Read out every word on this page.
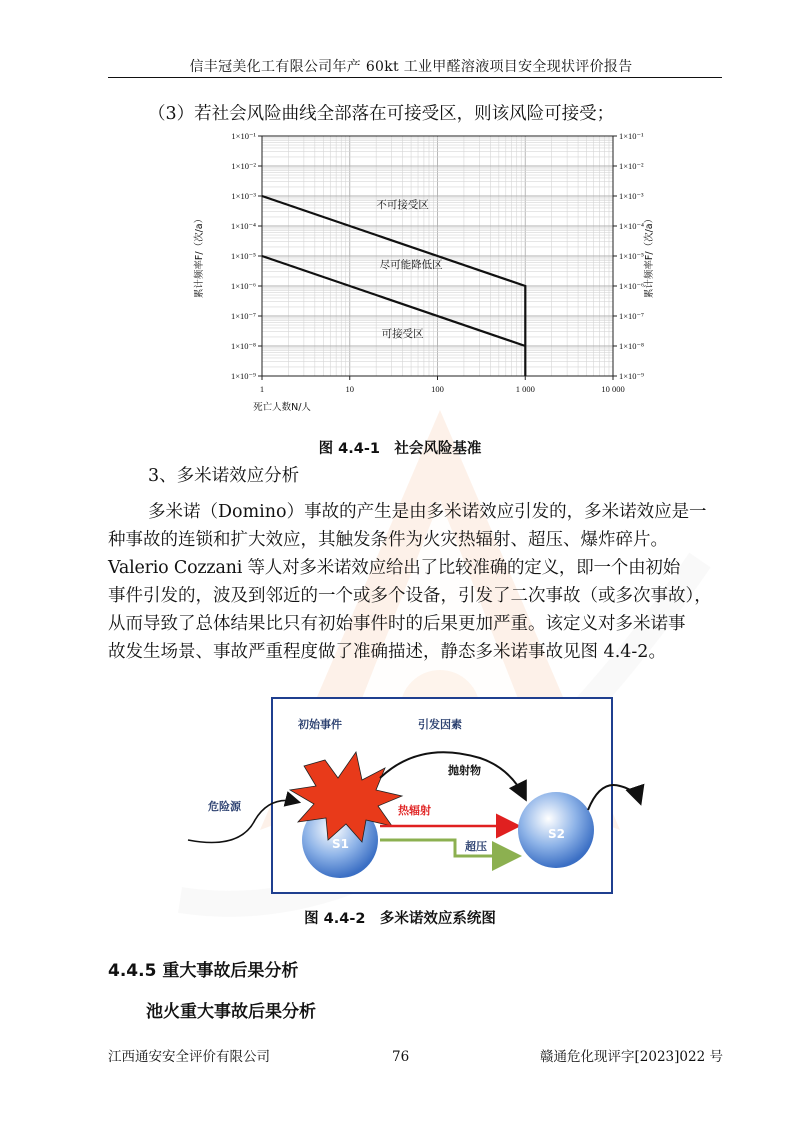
信丰冠美化工有限公司年产 60kt 工业甲醛溶液项目安全现状评价报告
（3）若社会风险曲线全部落在可接受区，则该风险可接受；
1	10	100	1 000	10 000
1×10⁻¹	1×10⁻¹
1×10⁻²	1×10⁻²
1×10⁻³	1×10⁻³
1×10⁻⁴	1×10⁻⁴
1×10⁻⁵	1×10⁻⁵
1×10⁻⁶	1×10⁻⁶
1×10⁻⁷	1×10⁻⁷
1×10⁻⁸	1×10⁻⁸
1×10⁻⁹	1×10⁻⁹
不可接受区
尽可能降低区
可接受区
死亡人数N/人
累计频率F/（次/a）	累计频率F/（次/a）
图 4.4-1　社会风险基准
3、多米诺效应分析
多米诺（Domino）事故的产生是由多米诺效应引发的，多米诺效应是一
种事故的连锁和扩大效应，其触发条件为火灾热辐射、超压、爆炸碎片。
Valerio Cozzani 等人对多米诺效应给出了比较准确的定义，即一个由初始
事件引发的，波及到邻近的一个或多个设备，引发了二次事故（或多次事故），
从而导致了总体结果比只有初始事件时的后果更加严重。该定义对多米诺事
故发生场景、事故严重程度做了准确描述，静态多米诺事故见图 4.4-2。
初始事件	引发因素
抛射物
热辐射
超压
危险源
S1
S2
图 4.4-2　多米诺效应系统图
4.4.5 重大事故后果分析
池火重大事故后果分析
江西通安安全评价有限公司	76	赣通危化现评字[2023]022 号
